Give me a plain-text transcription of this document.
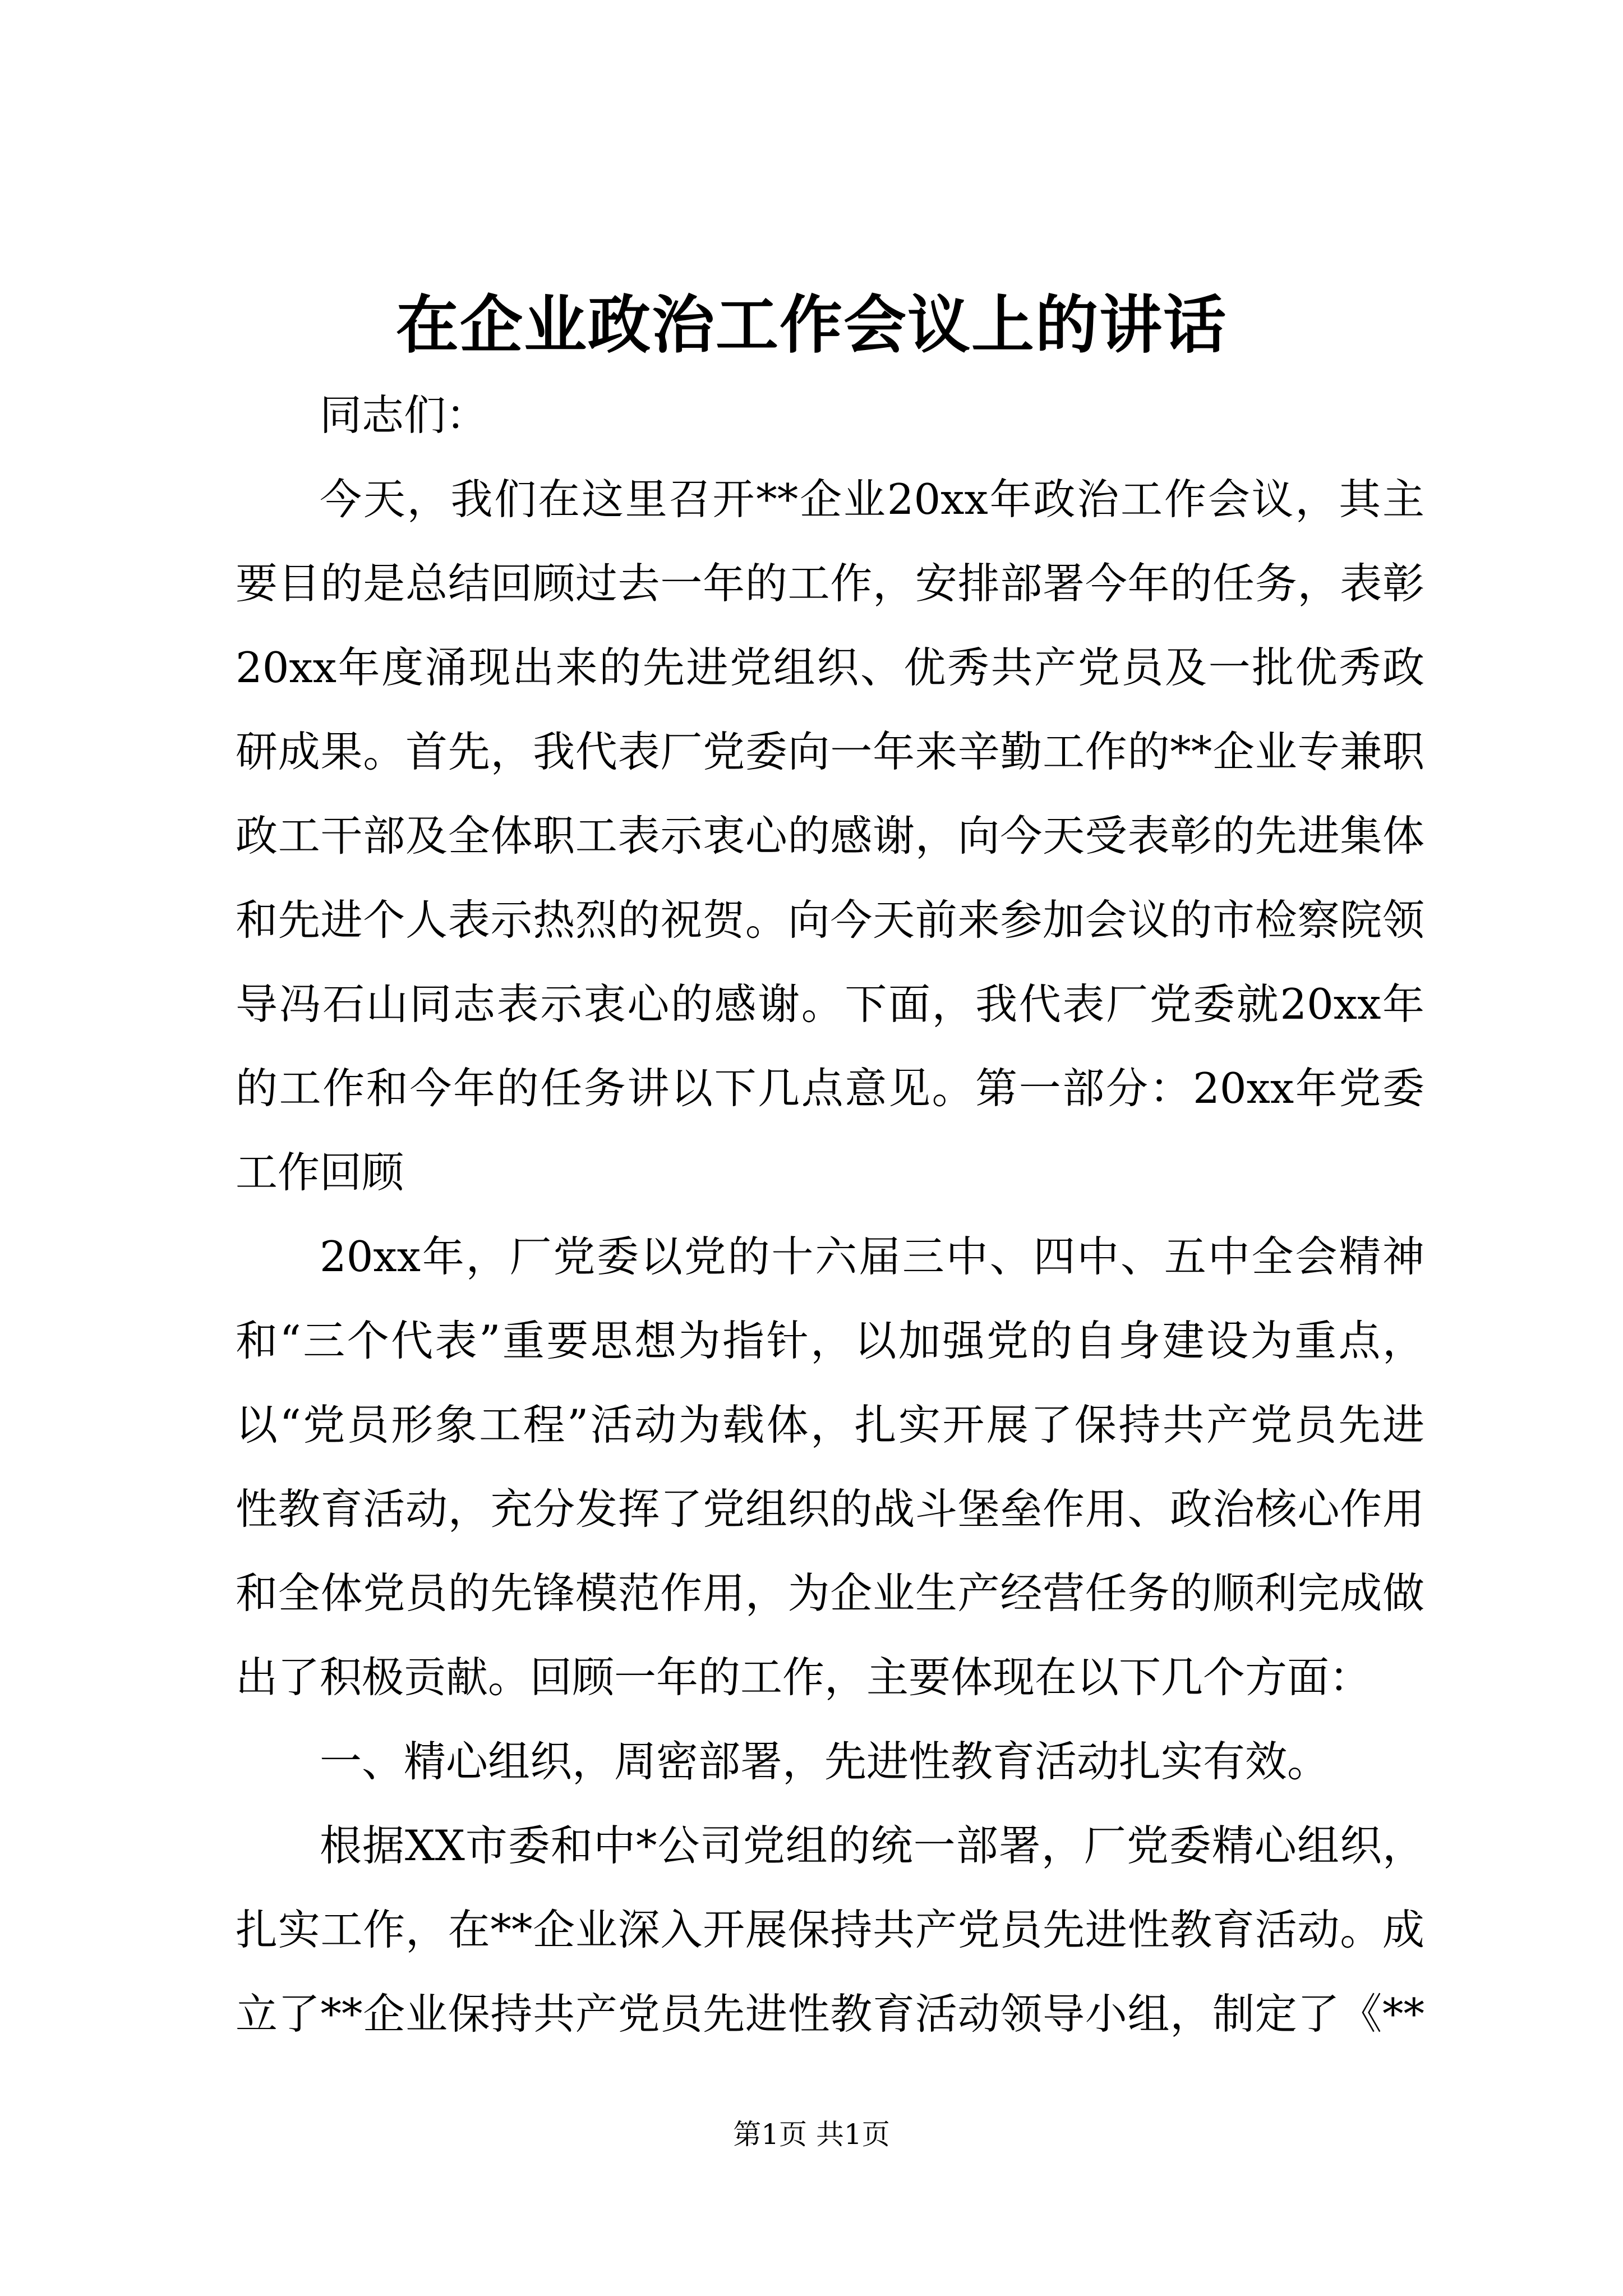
在企业政治工作会议上的讲话
同志们：
今天，我们在这里召开**企业20xx年政治工作会议，其主
要目的是总结回顾过去一年的工作，安排部署今年的任务，表彰
20xx年度涌现出来的先进党组织、优秀共产党员及一批优秀政
研成果。首先，我代表厂党委向一年来辛勤工作的**企业专兼职
政工干部及全体职工表示衷心的感谢，向今天受表彰的先进集体
和先进个人表示热烈的祝贺。向今天前来参加会议的市检察院领
导冯石山同志表示衷心的感谢。下面，我代表厂党委就20xx年
的工作和今年的任务讲以下几点意见。第一部分：20xx年党委
工作回顾
20xx年，厂党委以党的十六届三中、四中、五中全会精神
和“三个代表”重要思想为指针，以加强党的自身建设为重点，
以“党员形象工程”活动为载体，扎实开展了保持共产党员先进
性教育活动，充分发挥了党组织的战斗堡垒作用、政治核心作用
和全体党员的先锋模范作用，为企业生产经营任务的顺利完成做
出了积极贡献。回顾一年的工作，主要体现在以下几个方面：
一、精心组织，周密部署，先进性教育活动扎实有效。
根据XX市委和中*公司党组的统一部署，厂党委精心组织，
扎实工作，在**企业深入开展保持共产党员先进性教育活动。成
立了**企业保持共产党员先进性教育活动领导小组，制定了《**
第1页 共1页
